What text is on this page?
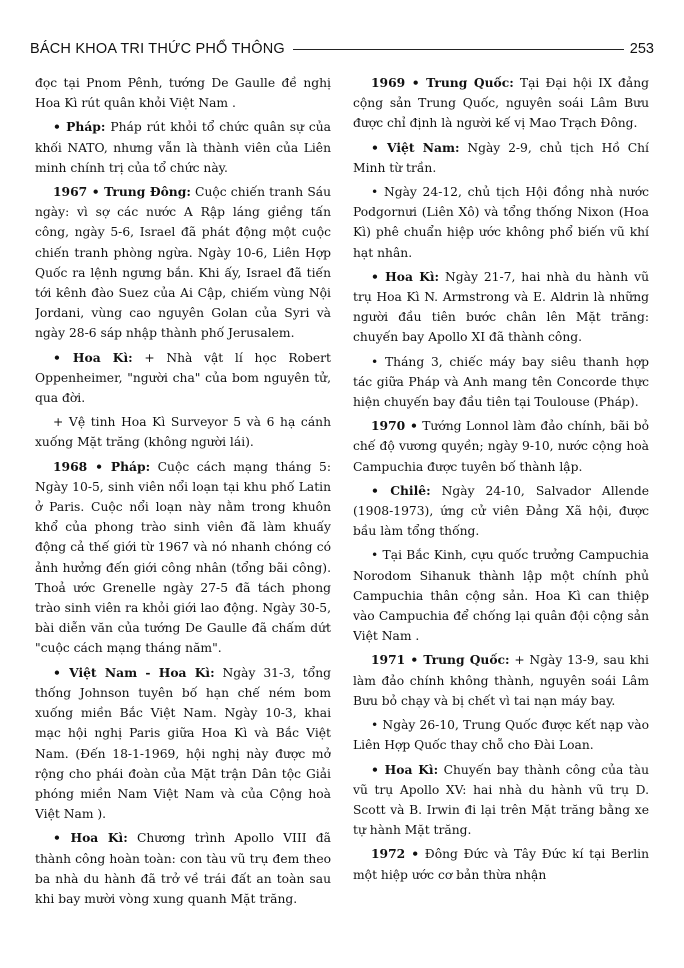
BÁCH KHOA TRI THỨC PHỔ THÔNG	253

đọc tại Pnom Pênh, tướng De Gaulle đề nghị Hoa Kì rút quân khỏi Việt Nam .

• Pháp: Pháp rút khỏi tổ chức quân sự của khối NATO, nhưng vẫn là thành viên của Liên minh chính trị của tổ chức này.

1967 • Trung Đông: Cuộc chiến tranh Sáu ngày: vì sợ các nước A Rập láng giềng tấn công, ngày 5-6, Israel đã phát động một cuộc chiến tranh phòng ngừa. Ngày 10-6, Liên Hợp Quốc ra lệnh ngưng bắn. Khi ấy, Israel đã tiến tới kênh đào Suez của Ai Cập, chiếm vùng Nội Jordani, vùng cao nguyên Golan của Syri và ngày 28-6 sáp nhập thành phố Jerusalem.

• Hoa Kì: + Nhà vật lí học Robert Oppenheimer, "người cha" của bom nguyên tử, qua đời.

+ Vệ tinh Hoa Kì Surveyor 5 và 6 hạ cánh xuống Mặt trăng (không người lái).

1968 • Pháp: Cuộc cách mạng tháng 5: Ngày 10-5, sinh viên nổi loạn tại khu phố Latin ở Paris. Cuộc nổi loạn này nằm trong khuôn khổ của phong trào sinh viên đã làm khuấy động cả thế giới từ 1967 và nó nhanh chóng có ảnh hưởng đến giới công nhân (tổng bãi công). Thoả ước Grenelle ngày 27-5 đã tách phong trào sinh viên ra khỏi giới lao động. Ngày 30-5, bài diễn văn của tướng De Gaulle đã chấm dứt "cuộc cách mạng tháng năm".

• Việt Nam - Hoa Kì: Ngày 31-3, tổng thống Johnson tuyên bố hạn chế ném bom xuống miền Bắc Việt Nam. Ngày 10-3, khai mạc hội nghị Paris giữa Hoa Kì và Bắc Việt Nam. (Đến 18-1-1969, hội nghị này được mở rộng cho phái đoàn của Mặt trận Dân tộc Giải phóng miền Nam Việt Nam và của Cộng hoà Việt Nam ).

• Hoa Kì: Chương trình Apollo VIII đã thành công hoàn toàn: con tàu vũ trụ đem theo ba nhà du hành đã trở về trái đất an toàn sau khi bay mười vòng xung quanh Mặt trăng.

1969 • Trung Quốc: Tại Đại hội IX đảng cộng sản Trung Quốc, nguyên soái Lâm Bưu được chỉ định là người kế vị Mao Trạch Đông.

• Việt Nam: Ngày 2-9, chủ tịch Hồ Chí Minh từ trần.

• Ngày 24-12, chủ tịch Hội đồng nhà nước Podgornưi (Liên Xô) và tổng thống Nixon (Hoa Kì) phê chuẩn hiệp ước không phổ biến vũ khí hạt nhân.

• Hoa Kì: Ngày 21-7, hai nhà du hành vũ trụ Hoa Kì N. Armstrong và E. Aldrin là những người đầu tiên bước chân lên Mặt trăng: chuyến bay Apollo XI đã thành công.

• Tháng 3, chiếc máy bay siêu thanh hợp tác giữa Pháp và Anh mang tên Concorde thực hiện chuyến bay đầu tiên tại Toulouse (Pháp).

1970 • Tướng Lonnol làm đảo chính, bãi bỏ chế độ vương quyền; ngày 9-10, nước cộng hoà Campuchia được tuyên bố thành lập.

• Chilê: Ngày 24-10, Salvador Allende (1908-1973), ứng cử viên Đảng Xã hội, được bầu làm tổng thống.

• Tại Bắc Kinh, cựu quốc trưởng Campuchia Norodom Sihanuk thành lập một chính phủ Campuchia thân cộng sản. Hoa Kì can thiệp vào Campuchia để chống lại quân đội cộng sản Việt Nam .

1971 • Trung Quốc: + Ngày 13-9, sau khi làm đảo chính không thành, nguyên soái Lâm Bưu bỏ chạy và bị chết vì tai nạn máy bay.

• Ngày 26-10, Trung Quốc được kết nạp vào Liên Hợp Quốc thay chỗ cho Đài Loan.

• Hoa Kì: Chuyến bay thành công của tàu vũ trụ Apollo XV: hai nhà du hành vũ trụ D. Scott và B. Irwin đi lại trên Mặt trăng bằng xe tự hành Mặt trăng.

1972 • Đông Đức và Tây Đức kí tại Berlin một hiệp ước cơ bản thừa nhận
